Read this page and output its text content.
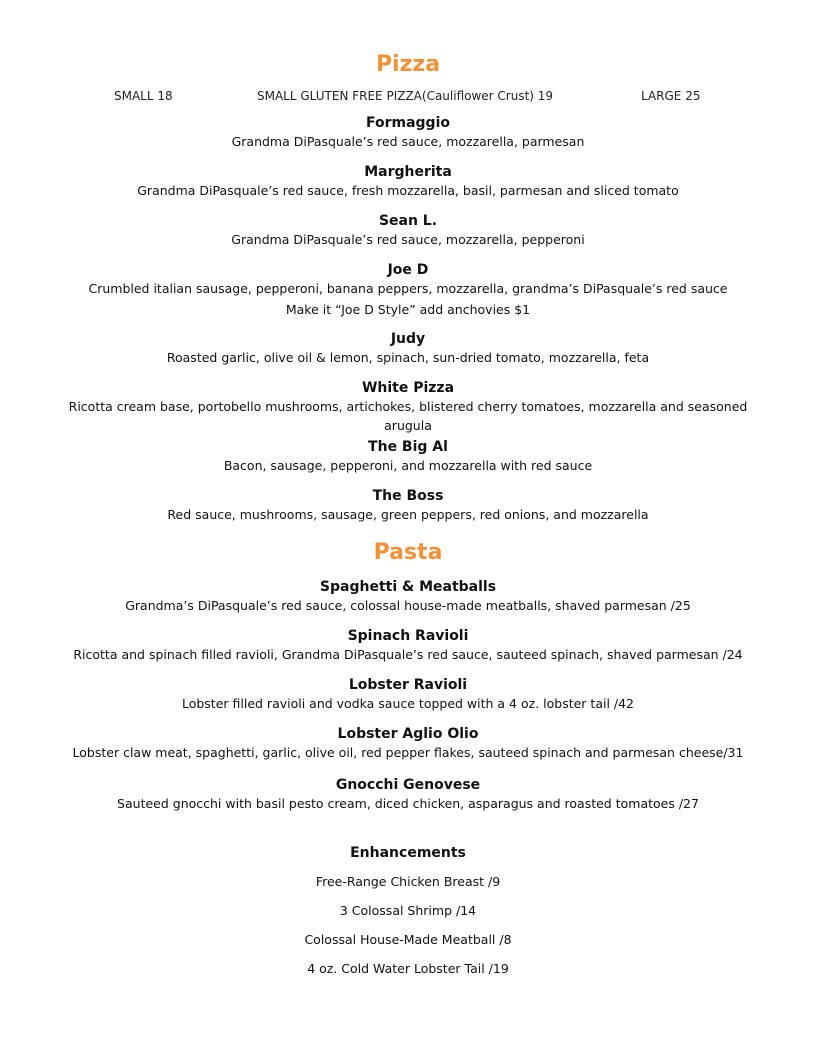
Pizza
SMALL 18	SMALL GLUTEN FREE PIZZA(Cauliflower Crust) 19	LARGE 25

Formaggio

Grandma DiPasquale’s red sauce, mozzarella, parmesan

Margherita

Grandma DiPasquale’s red sauce, fresh mozzarella, basil, parmesan and sliced tomato

Sean L.

Grandma DiPasquale’s red sauce, mozzarella, pepperoni

Joe D

Crumbled italian sausage, pepperoni, banana peppers, mozzarella, grandma’s DiPasquale’s red sauce

Make it “Joe D Style” add anchovies $1

Judy

Roasted garlic, olive oil & lemon, spinach, sun-dried tomato, mozzarella, feta

White Pizza

Ricotta cream base, portobello mushrooms, artichokes, blistered cherry tomatoes, mozzarella and seasoned arugula

The Big Al

Bacon, sausage, pepperoni, and mozzarella with red sauce

The Boss

Red sauce, mushrooms, sausage, green peppers, red onions, and mozzarella

Pasta

Spaghetti & Meatballs

Grandma’s DiPasquale’s red sauce, colossal house-made meatballs, shaved parmesan /25

Spinach Ravioli

Ricotta and spinach filled ravioli, Grandma DiPasquale’s red sauce, sauteed spinach, shaved parmesan /24

Lobster Ravioli

Lobster filled ravioli and vodka sauce topped with a 4 oz. lobster tail /42

Lobster Aglio Olio

Lobster claw meat, spaghetti, garlic, olive oil, red pepper flakes, sauteed spinach and parmesan cheese/31

Gnocchi Genovese

Sauteed gnocchi with basil pesto cream, diced chicken, asparagus and roasted tomatoes /27

Enhancements
Free-Range Chicken Breast /9
3 Colossal Shrimp /14
Colossal House-Made Meatball /8
4 oz. Cold Water Lobster Tail /19
